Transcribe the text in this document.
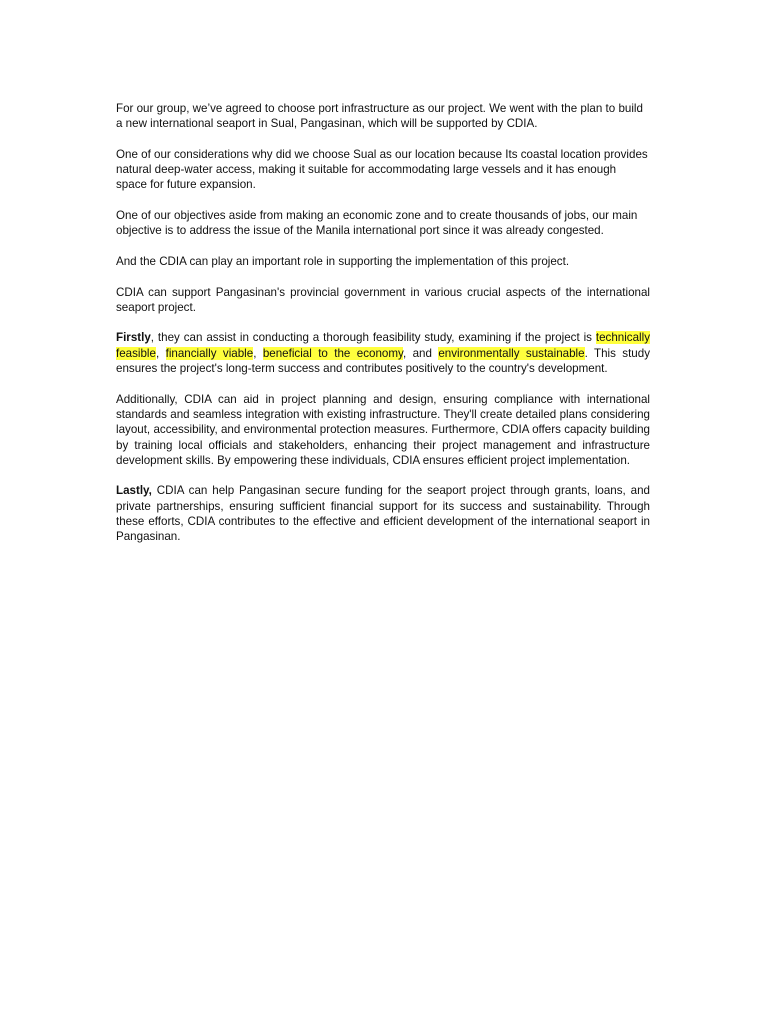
For our group, we’ve agreed to choose port infrastructure as our project. We went with the plan to build a new international seaport in Sual, Pangasinan, which will be supported by CDIA.

One of our considerations why did we choose Sual as our location because Its coastal location provides natural deep-water access, making it suitable for accommodating large vessels and it has enough space for future expansion.

One of our objectives aside from making an economic zone and to create thousands of jobs, our main objective is to address the issue of the Manila international port since it was already congested.

And the CDIA can play an important role in supporting the implementation of this project.

CDIA can support Pangasinan's provincial government in various crucial aspects of the international seaport project.

Firstly, they can assist in conducting a thorough feasibility study, examining if the project is technically feasible, financially viable, beneficial to the economy, and environmentally sustainable. This study ensures the project's long-term success and contributes positively to the country's development.

Additionally, CDIA can aid in project planning and design, ensuring compliance with international standards and seamless integration with existing infrastructure. They'll create detailed plans considering layout, accessibility, and environmental protection measures. Furthermore, CDIA offers capacity building by training local officials and stakeholders, enhancing their project management and infrastructure development skills. By empowering these individuals, CDIA ensures efficient project implementation.

Lastly, CDIA can help Pangasinan secure funding for the seaport project through grants, loans, and private partnerships, ensuring sufficient financial support for its success and sustainability. Through these efforts, CDIA contributes to the effective and efficient development of the international seaport in Pangasinan.
